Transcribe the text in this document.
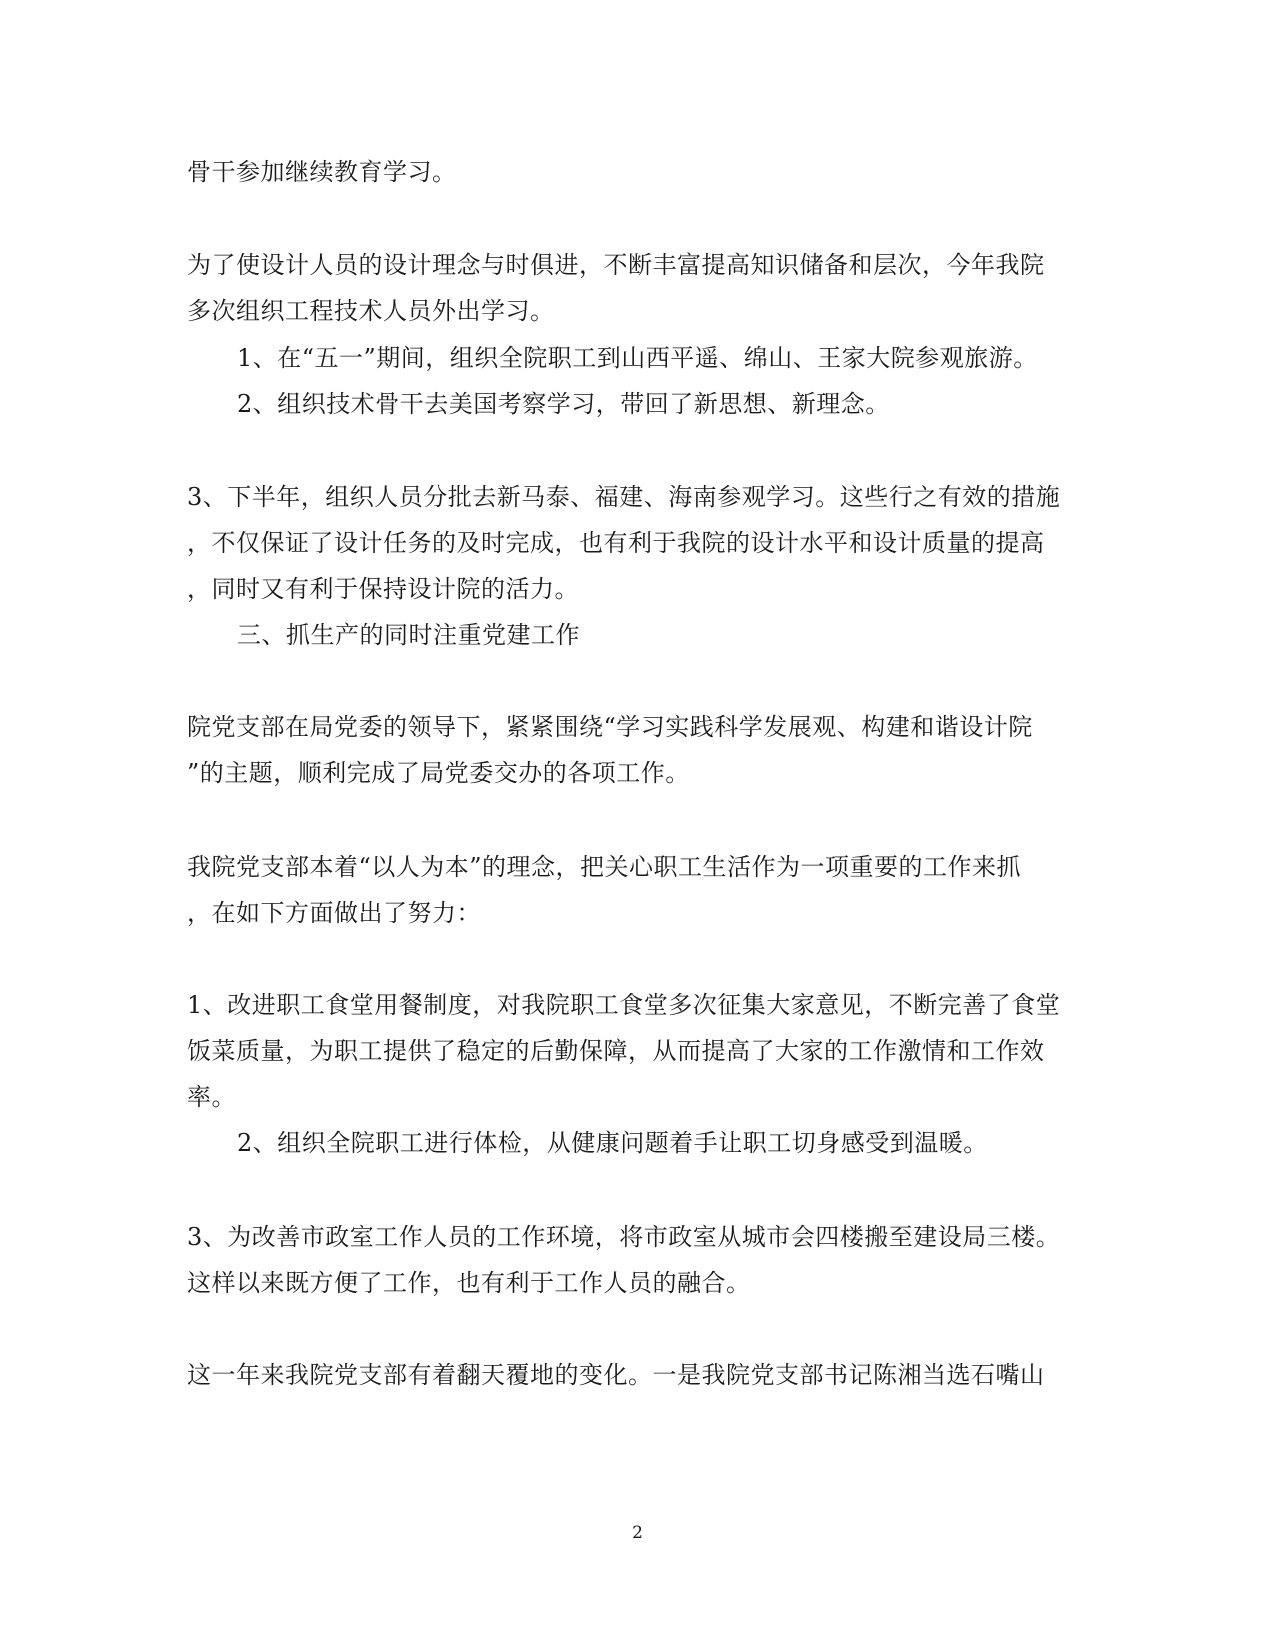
骨干参加继续教育学习。
为了使设计人员的设计理念与时俱进，不断丰富提高知识储备和层次，今年我院
多次组织工程技术人员外出学习。
1、在“五一”期间，组织全院职工到山西平遥、绵山、王家大院参观旅游。
2、组织技术骨干去美国考察学习，带回了新思想、新理念。
3、下半年，组织人员分批去新马泰、福建、海南参观学习。这些行之有效的措施
，不仅保证了设计任务的及时完成，也有利于我院的设计水平和设计质量的提高
，同时又有利于保持设计院的活力。
三、抓生产的同时注重党建工作
院党支部在局党委的领导下，紧紧围绕“学习实践科学发展观、构建和谐设计院
”的主题，顺利完成了局党委交办的各项工作。
我院党支部本着“以人为本”的理念，把关心职工生活作为一项重要的工作来抓
，在如下方面做出了努力：
1、改进职工食堂用餐制度，对我院职工食堂多次征集大家意见，不断完善了食堂
饭菜质量，为职工提供了稳定的后勤保障，从而提高了大家的工作激情和工作效
率。
2、组织全院职工进行体检，从健康问题着手让职工切身感受到温暖。
3、为改善市政室工作人员的工作环境，将市政室从城市会四楼搬至建设局三楼。
这样以来既方便了工作，也有利于工作人员的融合。
这一年来我院党支部有着翻天覆地的变化。一是我院党支部书记陈湘当选石嘴山
2
